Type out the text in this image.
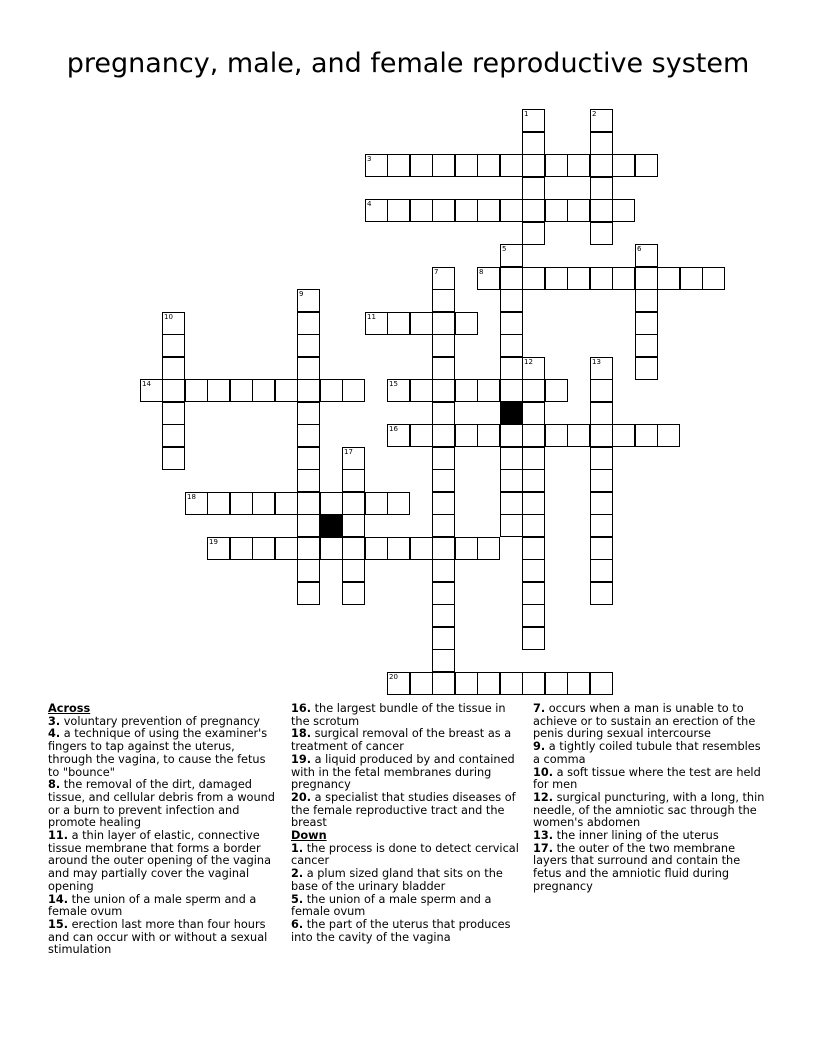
pregnancy, male, and female reproductive system
1	2
3
4
5	6
7	8
9
10	11
12	13
14	15
16
17
18
19
20

Across

3. voluntary prevention of pregnancy

4. a technique of using the examiner's fingers to tap against the uterus, through the vagina, to cause the fetus to "bounce"

8. the removal of the dirt, damaged tissue, and cellular debris from a wound or a burn to prevent infection and promote healing

11. a thin layer of elastic, connective tissue membrane that forms a border around the outer opening of the vagina and may partially cover the vaginal opening

14. the union of a male sperm and a female ovum

15. erection last more than four hours and can occur with or without a sexual stimulation

16. the largest bundle of the tissue in the scrotum

18. surgical removal of the breast as a treatment of cancer

19. a liquid produced by and contained with in the fetal membranes during pregnancy

20. a specialist that studies diseases of the female reproductive tract and the breast

Down

1. the process is done to detect cervical cancer

2. a plum sized gland that sits on the base of the urinary bladder

5. the union of a male sperm and a female ovum

6. the part of the uterus that produces into the cavity of the vagina

7. occurs when a man is unable to to achieve or to sustain an erection of the penis during sexual intercourse

9. a tightly coiled tubule that resembles a comma

10. a soft tissue where the test are held for men

12. surgical puncturing, with a long, thin needle, of the amniotic sac through the women's abdomen

13. the inner lining of the uterus

17. the outer of the two membrane layers that surround and contain the fetus and the amniotic fluid during pregnancy
